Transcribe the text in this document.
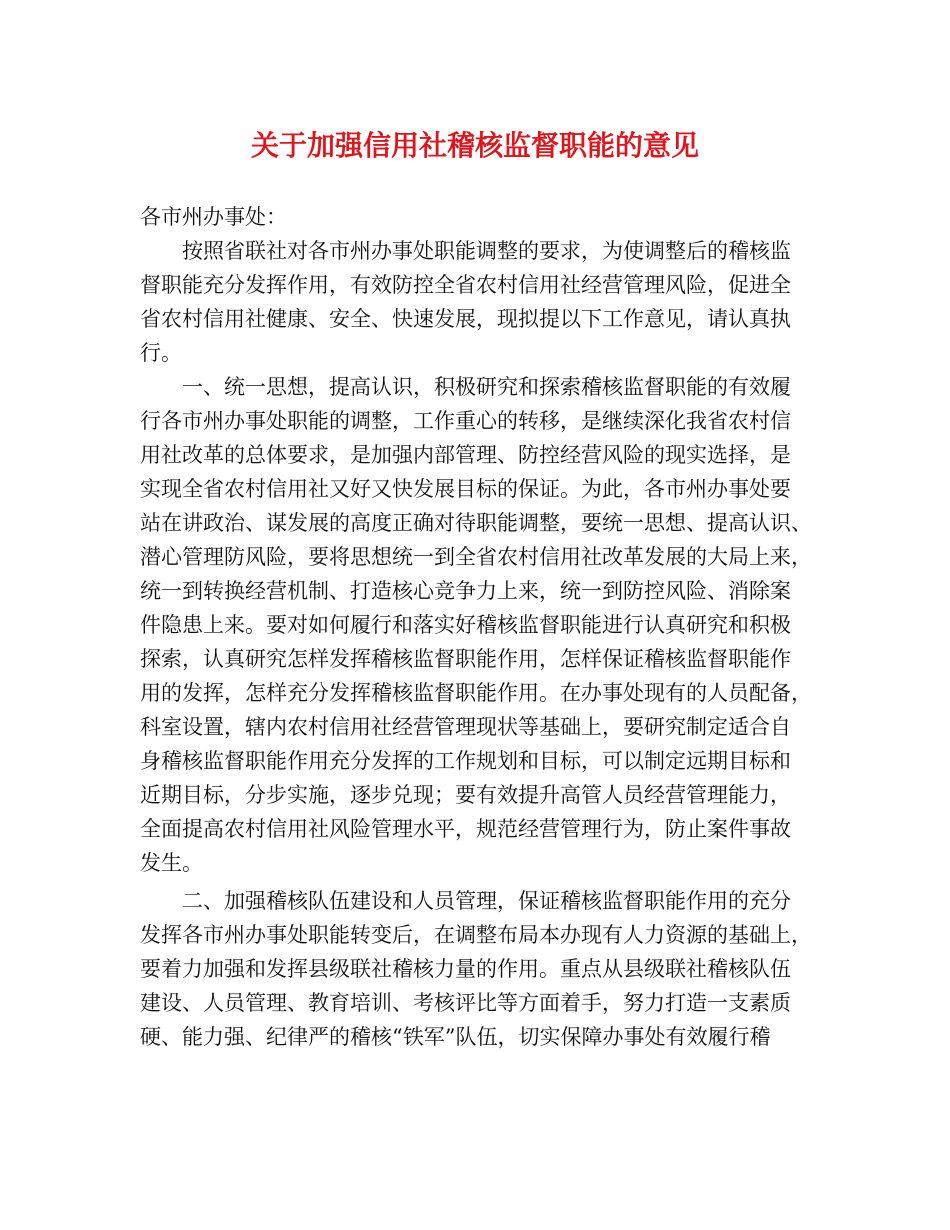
关于加强信用社稽核监督职能的意见
各市州办事处：
按照省联社对各市州办事处职能调整的要求，为使调整后的稽核监
督职能充分发挥作用，有效防控全省农村信用社经营管理风险，促进全
省农村信用社健康、安全、快速发展，现拟提以下工作意见，请认真执
行。
一、统一思想，提高认识，积极研究和探索稽核监督职能的有效履
行各市州办事处职能的调整，工作重心的转移，是继续深化我省农村信
用社改革的总体要求，是加强内部管理、防控经营风险的现实选择，是
实现全省农村信用社又好又快发展目标的保证。为此，各市州办事处要
站在讲政治、谋发展的高度正确对待职能调整，要统一思想、提高认识、
潜心管理防风险，要将思想统一到全省农村信用社改革发展的大局上来，
统一到转换经营机制、打造核心竞争力上来，统一到防控风险、消除案
件隐患上来。要对如何履行和落实好稽核监督职能进行认真研究和积极
探索，认真研究怎样发挥稽核监督职能作用，怎样保证稽核监督职能作
用的发挥，怎样充分发挥稽核监督职能作用。在办事处现有的人员配备，
科室设置，辖内农村信用社经营管理现状等基础上，要研究制定适合自
身稽核监督职能作用充分发挥的工作规划和目标，可以制定远期目标和
近期目标，分步实施，逐步兑现；要有效提升高管人员经营管理能力，
全面提高农村信用社风险管理水平，规范经营管理行为，防止案件事故
发生。
二、加强稽核队伍建设和人员管理，保证稽核监督职能作用的充分
发挥各市州办事处职能转变后，在调整布局本办现有人力资源的基础上，
要着力加强和发挥县级联社稽核力量的作用。重点从县级联社稽核队伍
建设、人员管理、教育培训、考核评比等方面着手，努力打造一支素质
硬、能力强、纪律严的稽核“铁军”队伍，切实保障办事处有效履行稽
